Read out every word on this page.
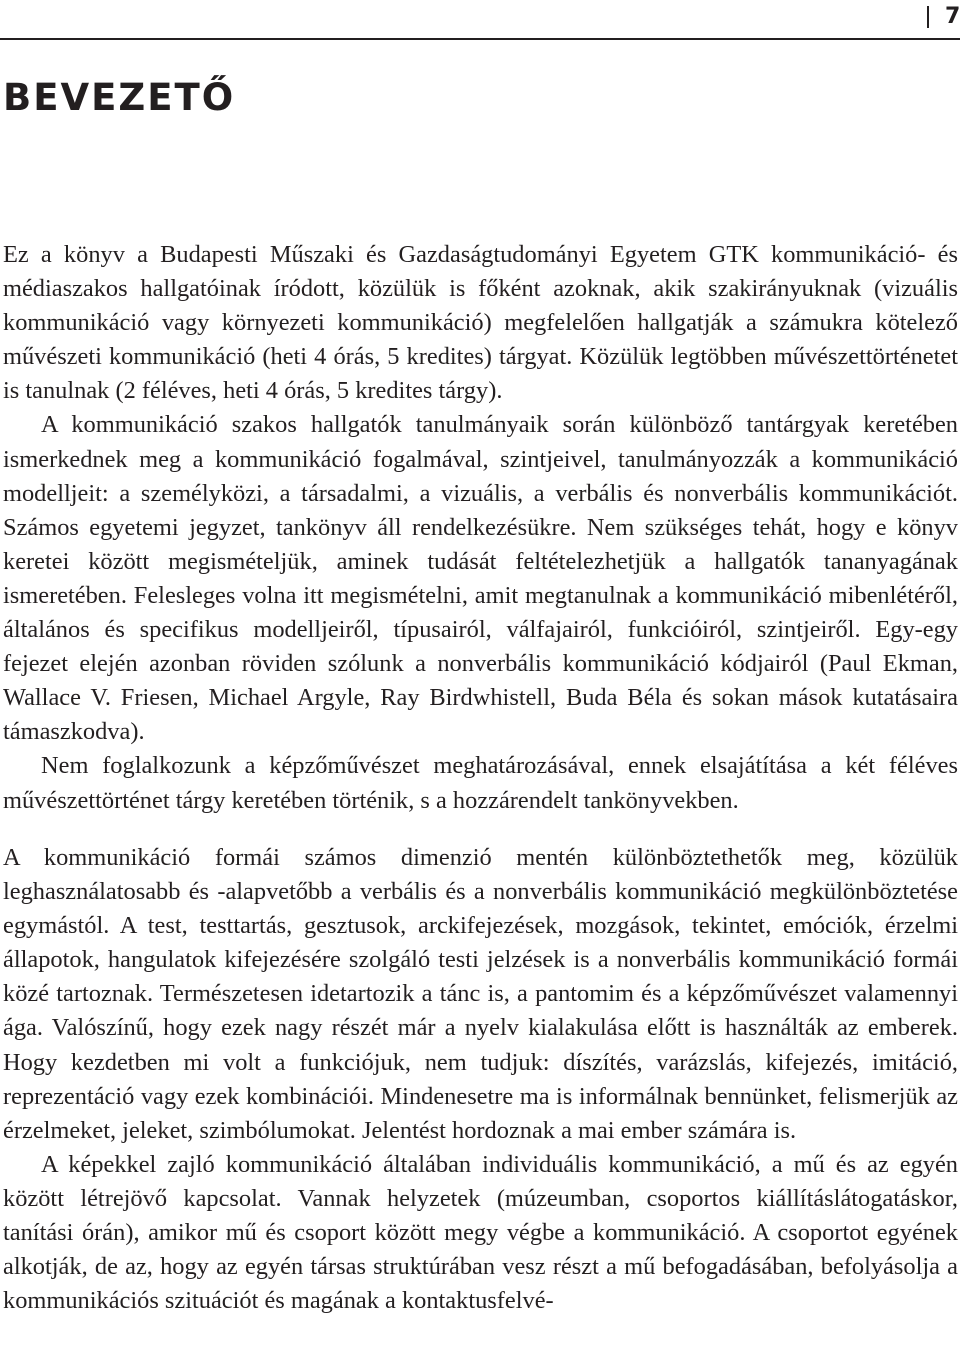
7
BEVEZETŐ

Ez a könyv a Budapesti Műszaki és Gazdaságtudományi Egyetem GTK kommunikáció- és médiaszakos hallgatóinak íródott, közülük is főként azoknak, akik szakirányuknak (vizuális kommunikáció vagy környezeti kommunikáció) megfelelően hallgatják a számukra kötelező művészeti kommunikáció (heti 4 órás, 5 kredites) tárgyat. Közülük legtöbben művészettörténetet is tanulnak (2 féléves, heti 4 órás, 5 kredites tárgy).

A kommunikáció szakos hallgatók tanulmányaik során különböző tantárgyak keretében ismerkednek meg a kommunikáció fogalmával, szintjeivel, tanulmányozzák a kommunikáció modelljeit: a személyközi, a társadalmi, a vizuális, a verbális és nonverbális kommunikációt. Számos egyetemi jegyzet, tankönyv áll rendelkezésükre. Nem szükséges tehát, hogy e könyv keretei között megismételjük, aminek tudását feltételezhetjük a hallgatók tananyagának ismeretében. Felesleges volna itt megismételni, amit megtanulnak a kommunikáció mibenlétéről, általános és specifikus modelljeiről, típusairól, válfajairól, funkcióiról, szintjeiről. Egy-egy fejezet elején azonban röviden szólunk a nonverbális kommunikáció kódjairól (Paul Ekman, Wallace V. Friesen, Michael Argyle, Ray Birdwhistell, Buda Béla és sokan mások kutatásaira támaszkodva).

Nem foglalkozunk a képzőművészet meghatározásával, ennek elsajátítása a két féléves művészettörténet tárgy keretében történik, s a hozzárendelt tankönyvekben.

A kommunikáció formái számos dimenzió mentén különböztethetők meg, közülük leghasználatosabb és -alapvetőbb a verbális és a nonverbális kommunikáció megkülönböztetése egymástól. A test, testtartás, gesztusok, arckifejezések, mozgások, tekintet, emóciók, érzelmi állapotok, hangulatok kifejezésére szolgáló testi jelzések is a nonverbális kommunikáció formái közé tartoznak. Természetesen idetartozik a tánc is, a pantomim és a képzőművészet valamennyi ága. Valószínű, hogy ezek nagy részét már a nyelv kialakulása előtt is használták az emberek. Hogy kezdetben mi volt a funkciójuk, nem tudjuk: díszítés, varázslás, kifejezés, imitáció, reprezentáció vagy ezek kombinációi. Mindenesetre ma is informálnak bennünket, felismerjük az érzelmeket, jeleket, szimbólumokat. Jelentést hordoznak a mai ember számára is.

A képekkel zajló kommunikáció általában individuális kommunikáció, a mű és az egyén között létrejövő kapcsolat. Vannak helyzetek (múzeumban, csoportos kiállításlátogatáskor, tanítási órán), amikor mű és csoport között megy végbe a kommunikáció. A csoportot egyének alkotják, de az, hogy az egyén társas struktúrában vesz részt a mű befogadásában, befolyásolja a kommunikációs szituációt és magának a kontaktusfelvé-
